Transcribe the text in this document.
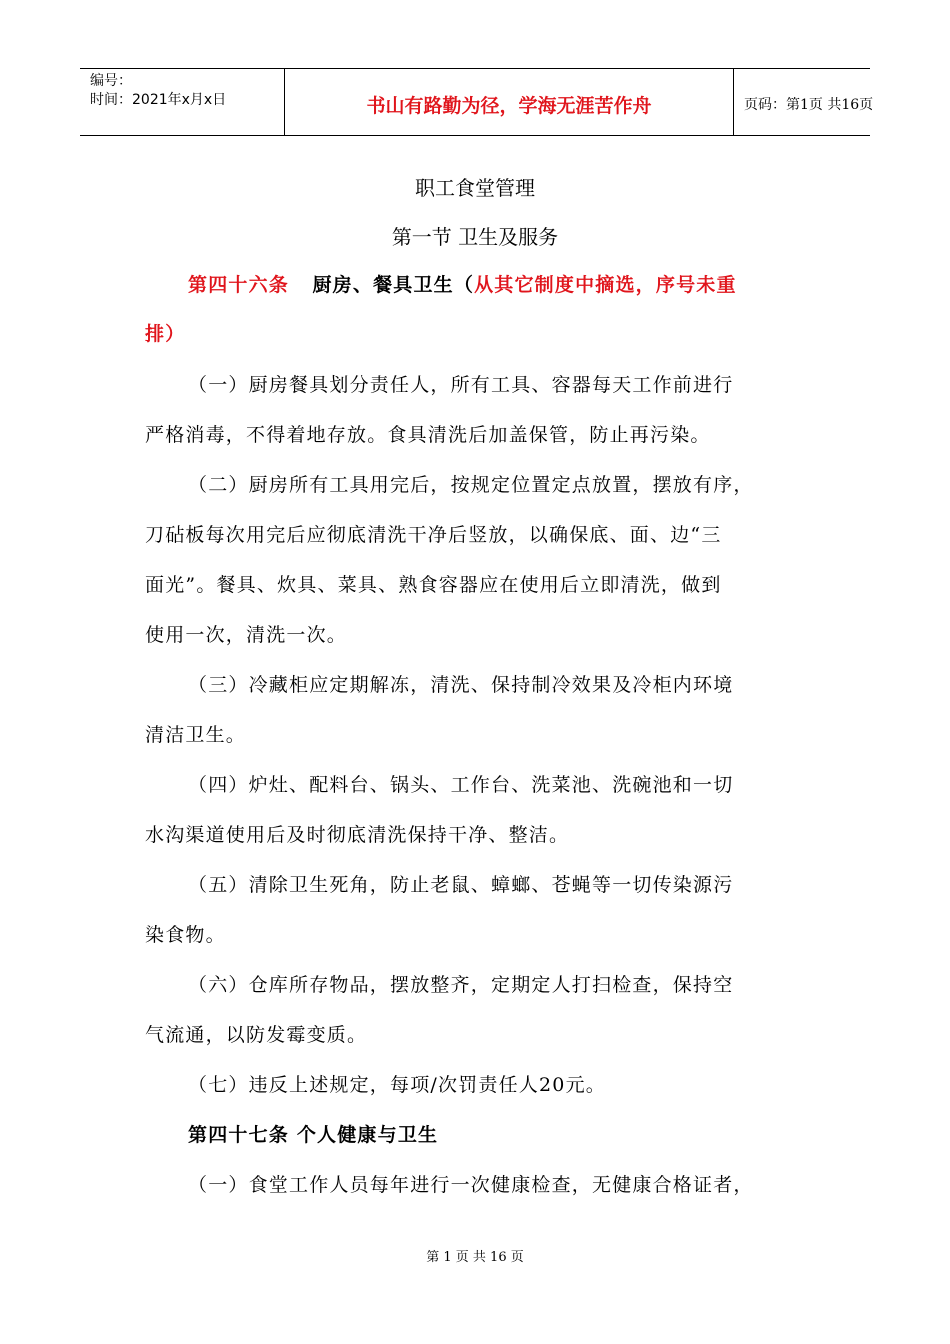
编号：
时间：2021年x月x日	书山有路勤为径，学海无涯苦作舟	页码：第1页 共16页
职工食堂管理
第一节 卫生及服务
第四十六条 厨房、餐具卫生（从其它制度中摘选，序号未重
排）
（一）厨房餐具划分责任人，所有工具、容器每天工作前进行
严格消毒，不得着地存放。食具清洗后加盖保管，防止再污染。
（二）厨房所有工具用完后，按规定位置定点放置，摆放有序，
刀砧板每次用完后应彻底清洗干净后竖放，以确保底、面、边“三
面光”。餐具、炊具、菜具、熟食容器应在使用后立即清洗，做到
使用一次，清洗一次。
（三）冷藏柜应定期解冻，清洗、保持制冷效果及冷柜内环境
清洁卫生。
（四）炉灶、配料台、锅头、工作台、洗菜池、洗碗池和一切
水沟渠道使用后及时彻底清洗保持干净、整洁。
（五）清除卫生死角，防止老鼠、蟑螂、苍蝇等一切传染源污
染食物。
（六）仓库所存物品，摆放整齐，定期定人打扫检查，保持空
气流通，以防发霉变质。
（七）违反上述规定，每项/次罚责任人20元。
第四十七条 个人健康与卫生
（一）食堂工作人员每年进行一次健康检查，无健康合格证者，
第 1 页 共 16 页
